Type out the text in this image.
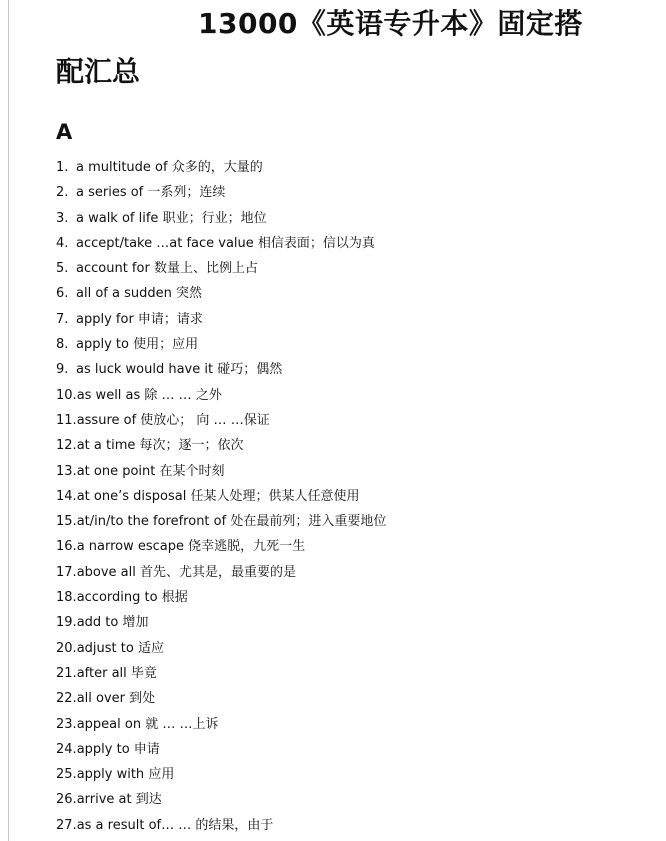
13000《英语专升本》固定搭
配汇总
A
1. a multitude of 众多的，大量的
2. a series of 一系列；连续
3. a walk of life 职业；行业；地位
4. accept/take …at face value 相信表面；信以为真
5. account for 数量上、比例上占
6. all of a sudden 突然
7. apply for 申请；请求
8. apply to 使用；应用
9. as luck would have it 碰巧；偶然
10.as well as 除 … … 之外
11.assure of 使放心； 向 … …保证
12.at a time 每次；逐一；依次
13.at one point 在某个时刻
14.at one’s disposal 任某人处理；供某人任意使用
15.at/in/to the forefront of 处在最前列；进入重要地位
16.a narrow escape 侥幸逃脱，九死一生
17.above all 首先、尤其是，最重要的是
18.according to 根据
19.add to 增加
20.adjust to 适应
21.after all 毕竟
22.all over 到处
23.appeal on 就 … …上诉
24.apply to 申请
25.apply with 应用
26.arrive at 到达
27.as a result of… … 的结果，由于
